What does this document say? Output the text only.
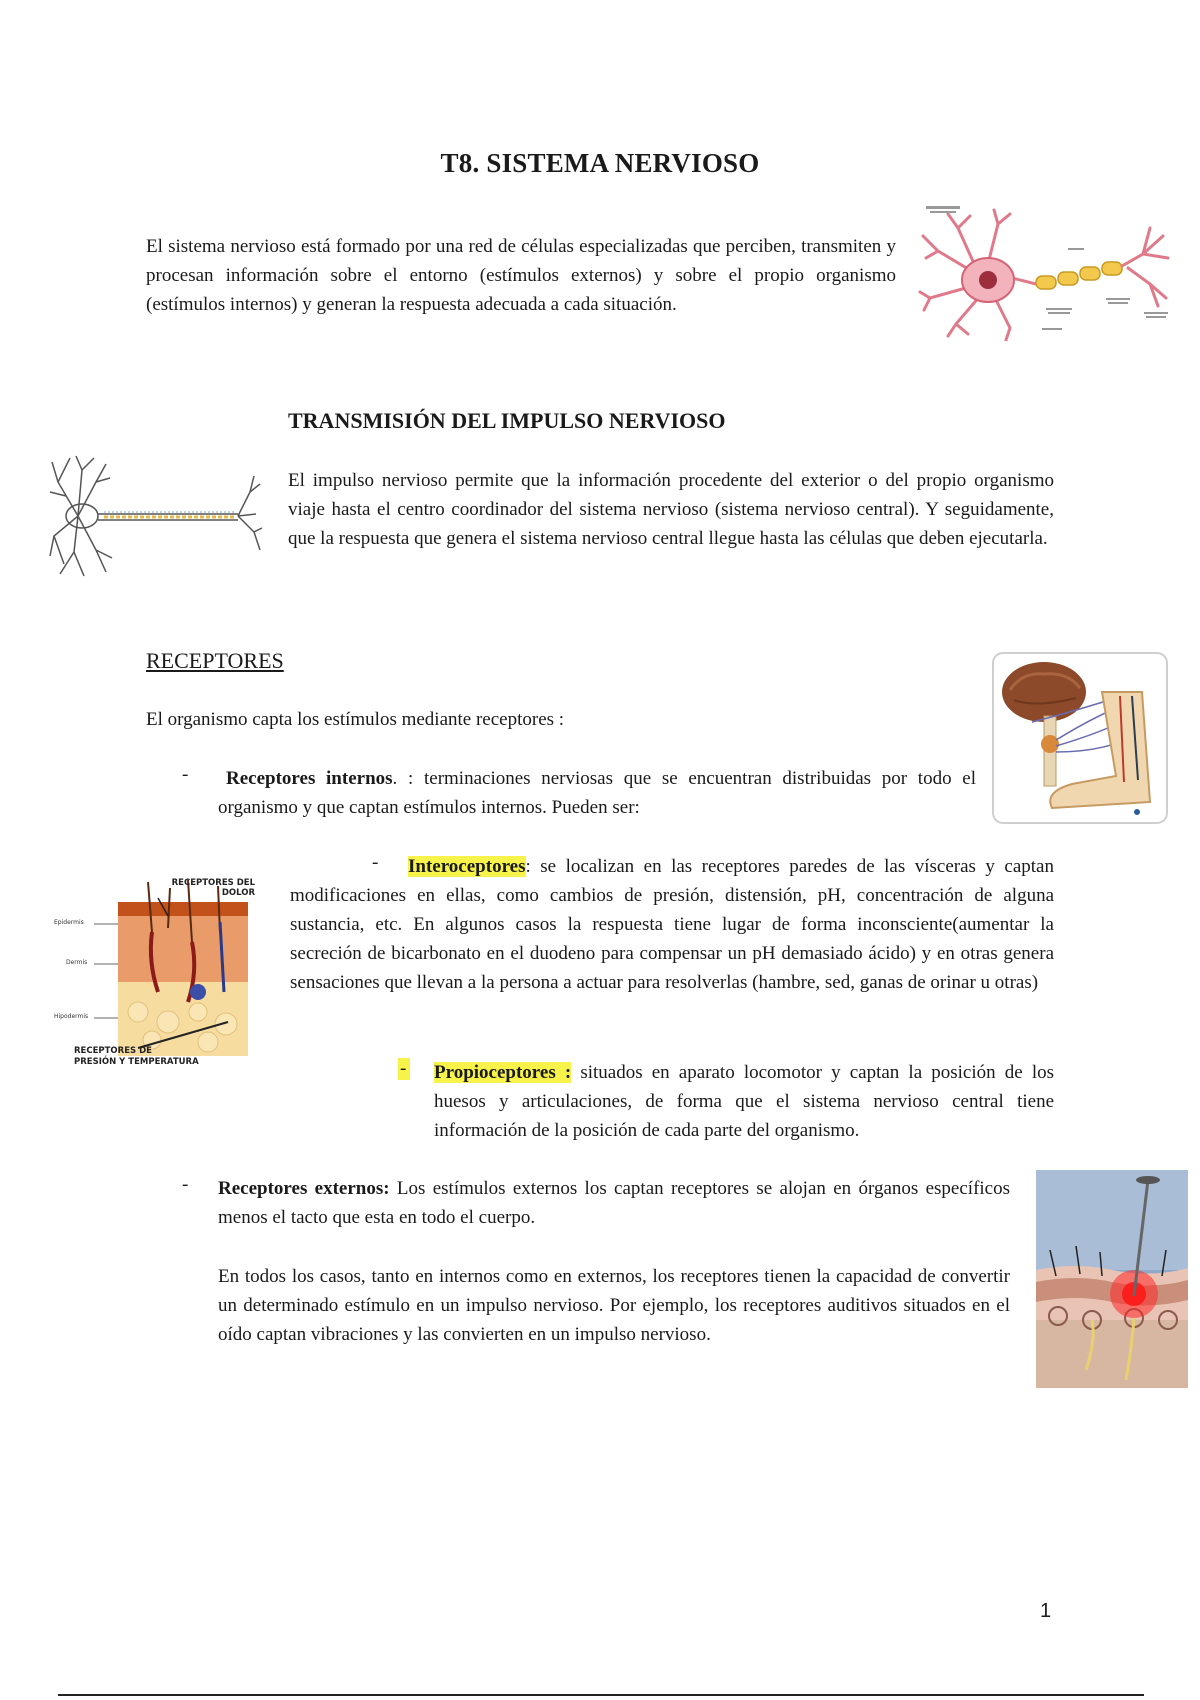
T8. SISTEMA NERVIOSO
El sistema nervioso está formado por una red de células especializadas que perciben, transmiten y procesan información sobre el entorno (estímulos externos) y sobre el propio organismo (estímulos internos) y generan la respuesta adecuada a cada situación.
TRANSMISIÓN DEL IMPULSO NERVIOSO
El impulso nervioso permite que la información procedente del exterior o del propio organismo viaje hasta el centro coordinador del sistema nervioso (sistema nervioso central). Y seguidamente, que la respuesta que genera el sistema nervioso central llegue hasta las células que deben ejecutarla.
RECEPTORES
El organismo capta los estímulos mediante receptores :
-	Receptores internos. : terminaciones nerviosas que se encuentran distribuidas por todo el organismo y que captan estímulos internos. Pueden ser:
RECEPTORES DEL DOLOR
Epidermis
Dermis
Hipodermis
RECEPTORES DE
PRESIÓN Y TEMPERATURA
-	Interoceptores: se localizan en las receptores paredes de las vísceras y captan modificaciones en ellas, como cambios de presión, distensión, pH, concentración de alguna sustancia, etc. En algunos casos la respuesta tiene lugar de forma inconsciente(aumentar la secreción de bicarbonato en el duodeno para compensar un pH demasiado ácido) y en otras genera sensaciones que llevan a la persona a actuar para resolverlas (hambre, sed, ganas de orinar u otras)
- Propioceptores : situados en aparato locomotor y captan la posición de los huesos y articulaciones, de forma que el sistema nervioso central tiene información de la posición de cada parte del organismo.
- Receptores externos: Los estímulos externos los captan receptores se alojan en órganos específicos menos el tacto que esta en todo el cuerpo.
En todos los casos, tanto en internos como en externos, los receptores tienen la capacidad de convertir un determinado estímulo en un impulso nervioso. Por ejemplo, los receptores auditivos situados en el oído captan vibraciones y las convierten en un impulso nervioso.
1
